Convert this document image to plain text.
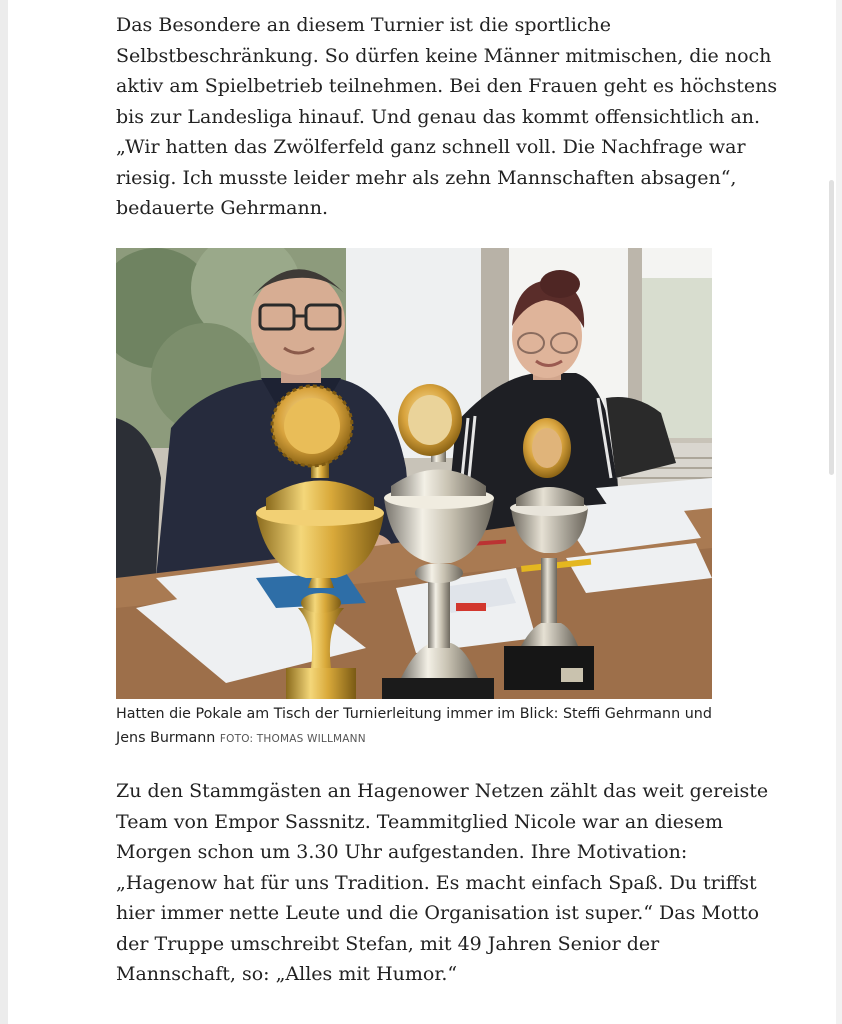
Das Besondere an diesem Turnier ist die sportliche
Selbstbeschränkung. So dürfen keine Männer mitmischen, die noch
aktiv am Spielbetrieb teilnehmen. Bei den Frauen geht es höchstens
bis zur Landesliga hinauf. Und genau das kommt offensichtlich an.
„Wir hatten das Zwölferfeld ganz schnell voll. Die Nachfrage war
riesig. Ich musste leider mehr als zehn Mannschaften absagen“,
bedauerte Gehrmann.

Hatten die Pokale am Tisch der Turnierleitung immer im Blick: Steffi Gehrmann und
Jens Burmann FOTO: THOMAS WILLMANN

Zu den Stammgästen an Hagenower Netzen zählt das weit gereiste
Team von Empor Sassnitz. Teammitglied Nicole war an diesem
Morgen schon um 3.30 Uhr aufgestanden. Ihre Motivation:
„Hagenow hat für uns Tradition. Es macht einfach Spaß. Du triffst
hier immer nette Leute und die Organisation ist super.“ Das Motto
der Truppe umschreibt Stefan, mit 49 Jahren Senior der
Mannschaft, so: „Alles mit Humor.“
